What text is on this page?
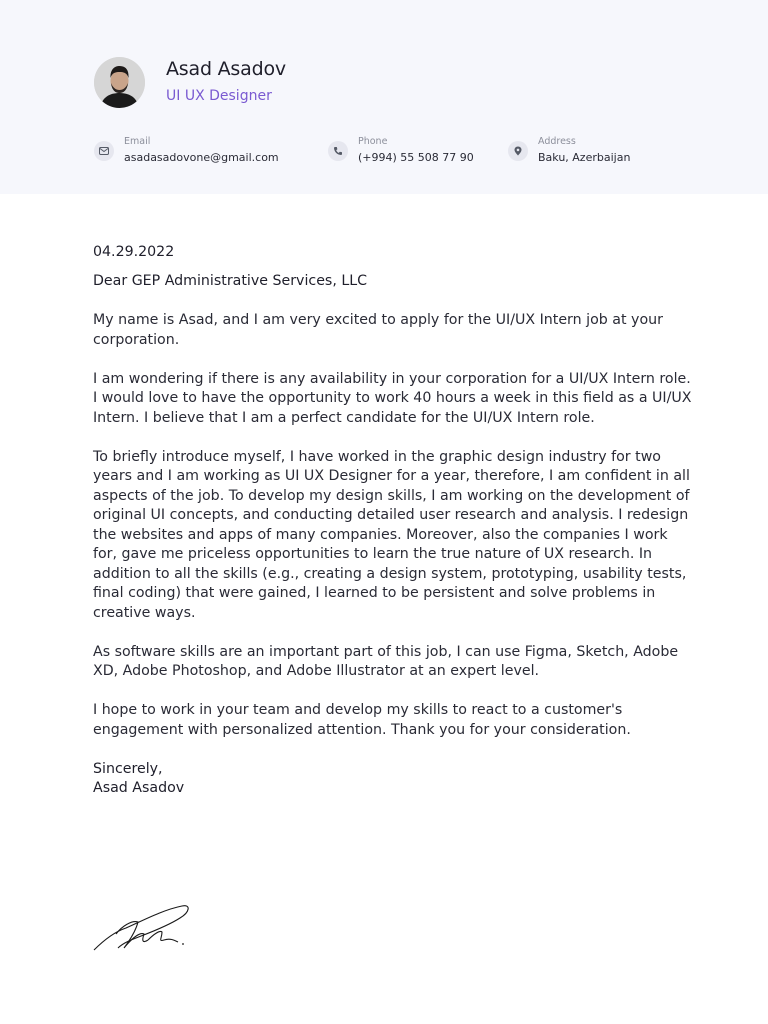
Asad Asadov
UI UX Designer
Email
asadasadovone@gmail.com
Phone
(+994) 55 508 77 90
Address
Baku, Azerbaijan

04.29.2022

Dear GEP Administrative Services, LLC

My name is Asad, and I am very excited to apply for the UI/UX Intern job at your corporation.

I am wondering if there is any availability in your corporation for a UI/UX Intern role. I would love to have the opportunity to work 40 hours a week in this field as a UI/UX Intern. I believe that I am a perfect candidate for the UI/UX Intern role.

To briefly introduce myself, I have worked in the graphic design industry for two years and I am working as UI UX Designer for a year, therefore, I am confident in all aspects of the job. To develop my design skills, I am working on the development of original UI concepts, and conducting detailed user research and analysis. I redesign the websites and apps of many companies. Moreover, also the companies I work for, gave me priceless opportunities to learn the true nature of UX research. In addition to all the skills (e.g., creating a design system, prototyping, usability tests, final coding) that were gained, I learned to be persistent and solve problems in creative ways.

As software skills are an important part of this job, I can use Figma, Sketch, Adobe XD, Adobe Photoshop, and Adobe Illustrator at an expert level.

I hope to work in your team and develop my skills to react to a customer's engagement with personalized attention. Thank you for your consideration.

Sincerely,

Asad Asadov
